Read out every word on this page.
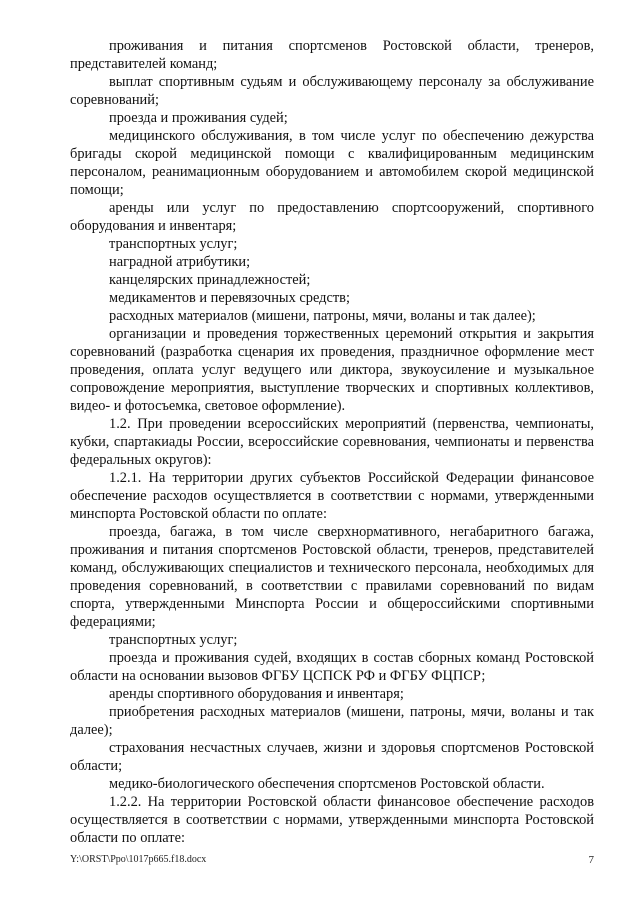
проживания и питания спортсменов Ростовской области, тренеров, представителей команд;

выплат спортивным судьям и обслуживающему персоналу за обслуживание соревнований;

проезда и проживания судей;

медицинского обслуживания, в том числе услуг по обеспечению дежурства бригады скорой медицинской помощи с квалифицированным медицинским персоналом, реанимационным оборудованием и автомобилем скорой медицинской помощи;

аренды или услуг по предоставлению спортсооружений, спортивного оборудования и инвентаря;

транспортных услуг;

наградной атрибутики;

канцелярских принадлежностей;

медикаментов и перевязочных средств;

расходных материалов (мишени, патроны, мячи, воланы и так далее);

организации и проведения торжественных церемоний открытия и закрытия соревнований (разработка сценария их проведения, праздничное оформление мест проведения, оплата услуг ведущего или диктора, звукоусиление и музыкальное сопровождение мероприятия, выступление творческих и спортивных коллективов, видео- и фотосъемка, световое оформление).

1.2. При проведении всероссийских мероприятий (первенства, чемпионаты, кубки, спартакиады России, всероссийские соревнования, чемпионаты и первенства федеральных округов):

1.2.1. На территории других субъектов Российской Федерации финансовое обеспечение расходов осуществляется в соответствии с нормами, утвержденными минспорта Ростовской области по оплате:

проезда, багажа, в том числе сверхнормативного, негабаритного багажа, проживания и питания спортсменов Ростовской области, тренеров, представителей команд, обслуживающих специалистов и технического персонала, необходимых для проведения соревнований, в соответствии с правилами соревнований по видам спорта, утвержденными Минспорта России и общероссийскими спортивными федерациями;

транспортных услуг;

проезда и проживания судей, входящих в состав сборных команд Ростовской области на основании вызовов ФГБУ ЦСПСК РФ и ФГБУ ФЦПСР;

аренды спортивного оборудования и инвентаря;

приобретения расходных материалов (мишени, патроны, мячи, воланы и так далее);

страхования несчастных случаев, жизни и здоровья спортсменов Ростовской области;

медико-биологического обеспечения спортсменов Ростовской области.

1.2.2. На территории Ростовской области финансовое обеспечение расходов осуществляется в соответствии с нормами, утвержденными минспорта Ростовской области по оплате:

Y:\ORST\Ppo\1017p665.f18.docx	7
